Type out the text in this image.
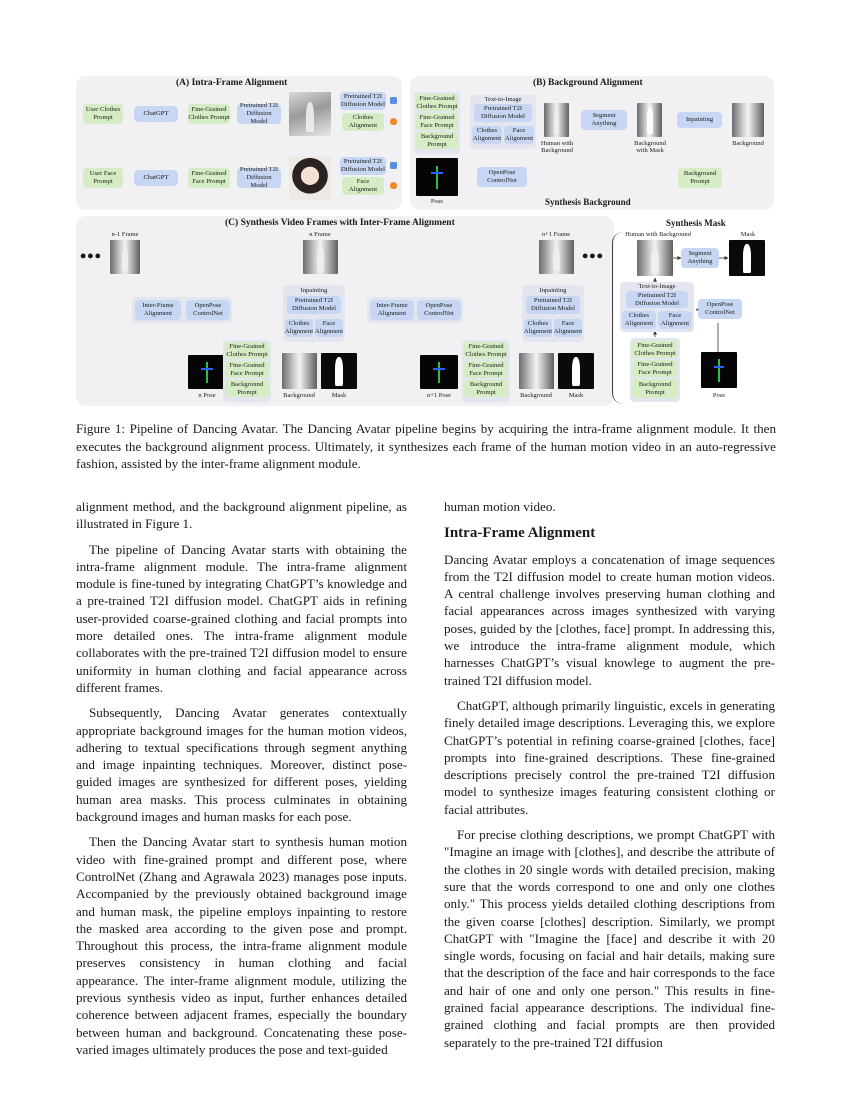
(A) Intra-Frame Alignment
User Clothes
Prompt
ChatGPT
Fine-Grained
Clothes Prompt
Pretrained T2I
Diffusion Model
Pretrained T2I
Diffusion Model
Clothes
Alignment
User Face
Prompt
ChatGPT
Fine-Grained
Face Prompt
Pretrained T2I
Diffusion Model
Pretrained T2I
Diffusion Model
Face
Alignment
(B) Background Alignment
Fine-Grained
Clothes Prompt
Fine-Grained
Face Prompt
Background
Prompt
Text-to-Image
Pretrained T2I
Diffusion Model
Clothes
Alignment
Face
Alignment
Human with
Background
Segment
Anything
Background
with Mask
Inpainting
Background
Background
Prompt
Pose
OpenPose
ControlNet
Synthesis Background
(C) Synthesis Video Frames with Inter-Frame Alignment
•••
n-1 Frame	n Frame	n+1 Frame
•••
Inter-Frame
Alignment
OpenPose
ControlNet
Inpainting
Pretrained T2I
Diffusion Model
Clothes
Alignment
Face
Alignment
n Pose
Fine-Grained
Clothes Prompt
Fine-Grained
Face Prompt
Background
Prompt	Background	Mask
Inter-Frame
Alignment
OpenPose
ControlNet
Inpainting
Pretrained T2I
Diffusion Model
Clothes
Alignment
Face
Alignment
n+1 Pose
Fine-Grained
Clothes Prompt
Fine-Grained
Face Prompt
Background
Prompt	Background	Mask
Synthesis Mask
Human with Background	Mask
Segment
Anything
Text-to-Image
Pretrained T2I
Diffusion Model
Clothes
Alignment
Face
Alignment
OpenPose
ControlNet
Fine-Grained
Clothes Prompt
Fine-Grained
Face Prompt
Background
Prompt	Pose
Figure 1: Pipeline of Dancing Avatar. The Dancing Avatar pipeline begins by acquiring the intra-frame alignment module. It then executes the background alignment process. Ultimately, it synthesizes each frame of the human motion video in an auto-regressive fashion, assisted by the inter-frame alignment module.

alignment method, and the background alignment pipeline, as illustrated in Figure 1.

The pipeline of Dancing Avatar starts with obtaining the intra-frame alignment module. The intra-frame alignment module is fine-tuned by integrating ChatGPT’s knowledge and a pre-trained T2I diffusion model. ChatGPT aids in refining user-provided coarse-grained clothing and facial prompts into more detailed ones. The intra-frame alignment module collaborates with the pre-trained T2I diffusion model to ensure uniformity in human clothing and facial appearance across different frames.

Subsequently, Dancing Avatar generates contextually appropriate background images for the human motion videos, adhering to textual specifications through segment anything and image inpainting techniques. Moreover, distinct pose-guided images are synthesized for different poses, yielding human area masks. This process culminates in obtaining background images and human masks for each pose.

Then the Dancing Avatar start to synthesis human motion video with fine-grained prompt and different pose, where ControlNet (Zhang and Agrawala 2023) manages pose inputs. Accompanied by the previously obtained background image and human mask, the pipeline employs inpainting to restore the masked area according to the given pose and prompt. Throughout this process, the intra-frame alignment module preserves consistency in human clothing and facial appearance. The inter-frame alignment module, utilizing the previous synthesis video as input, further enhances detailed coherence between adjacent frames, especially the boundary between human and background. Concatenating these pose-varied images ultimately produces the pose and text-guided

human motion video.

Intra-Frame Alignment

Dancing Avatar employs a concatenation of image sequences from the T2I diffusion model to create human motion videos. A central challenge involves preserving human clothing and facial appearances across images synthesized with varying poses, guided by the [clothes, face] prompt. In addressing this, we introduce the intra-frame alignment module, which harnesses ChatGPT’s visual knowlege to augment the pre-trained T2I diffusion model.

ChatGPT, although primarily linguistic, excels in generating finely detailed image descriptions. Leveraging this, we explore ChatGPT’s potential in refining coarse-grained [clothes, face] prompts into fine-grained descriptions. These fine-grained descriptions precisely control the pre-trained T2I diffusion model to synthesize images featuring consistent clothing or facial attributes.

For precise clothing descriptions, we prompt ChatGPT with "Imagine an image with [clothes], and describe the attribute of the clothes in 20 single words with detailed precision, making sure that the words correspond to one and only one clothes only." This process yields detailed clothing descriptions from the given coarse [clothes] description. Similarly, we prompt ChatGPT with "Imagine the [face] and describe it with 20 single words, focusing on facial and hair details, making sure that the description of the face and hair corresponds to the face and hair of one and only one person." This results in fine-grained facial appearance descriptions. The individual fine-grained clothing and facial prompts are then provided separately to the pre-trained T2I diffusion
